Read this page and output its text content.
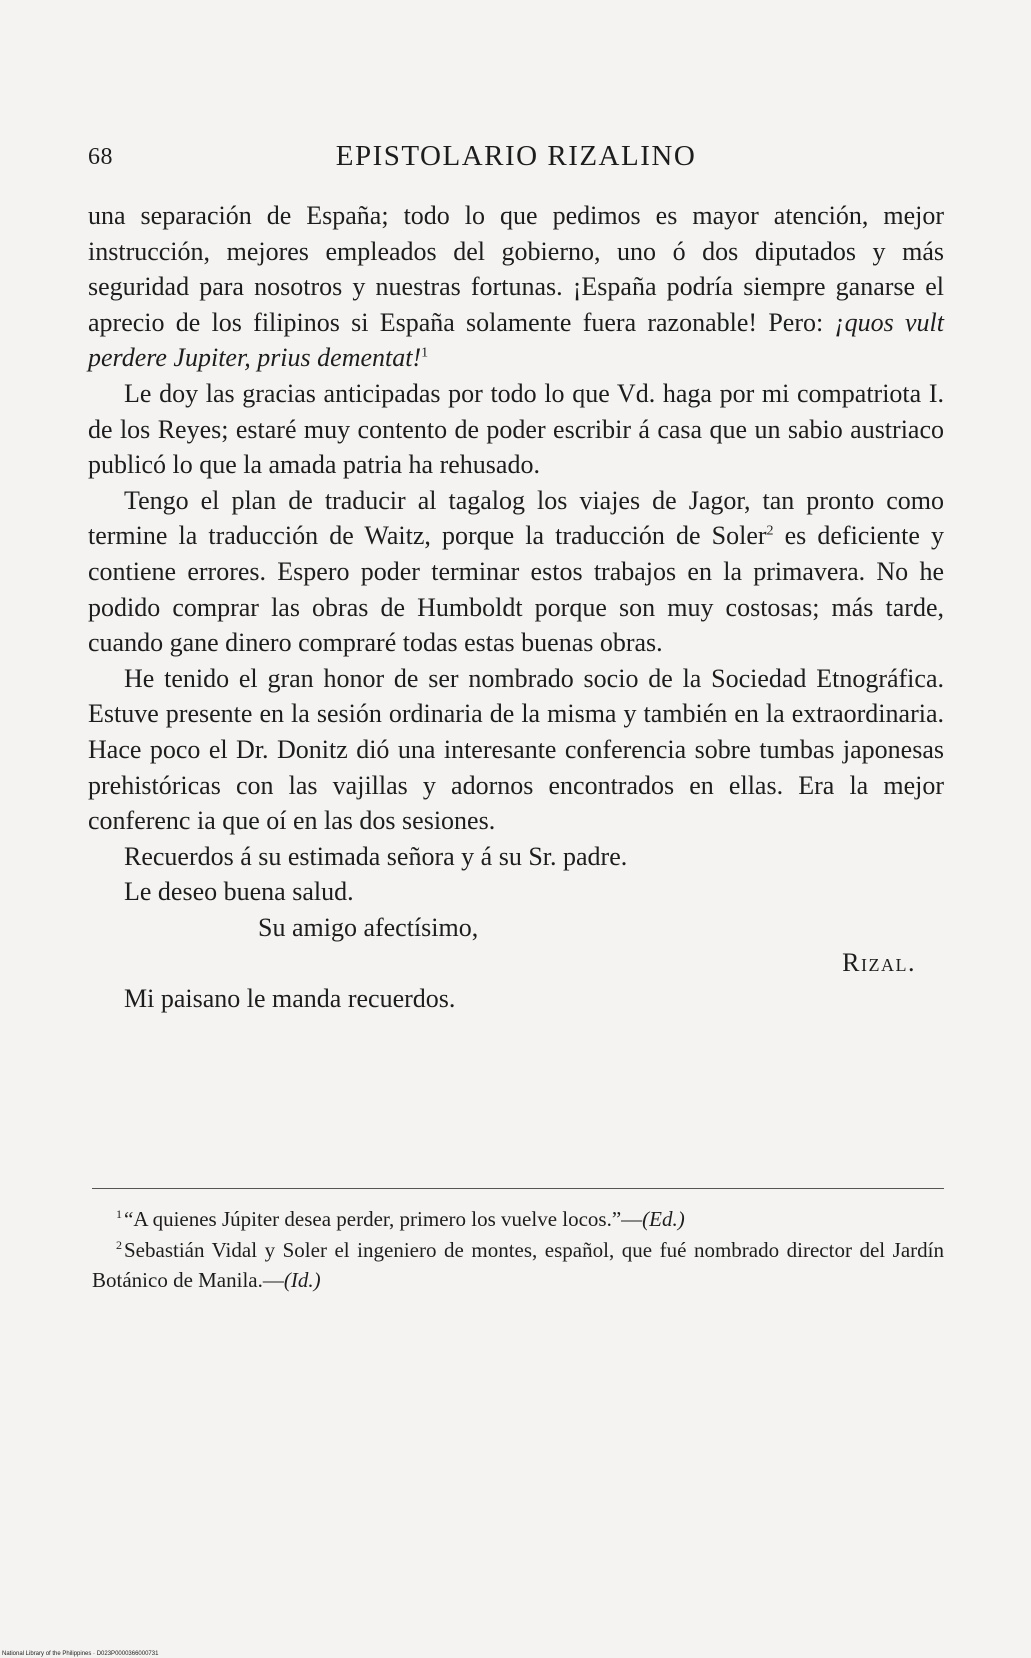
68	EPISTOLARIO RIZALINO

una separación de España; todo lo que pedimos es mayor atención, mejor instrucción, mejores empleados del gobierno, uno ó dos diputados y más seguridad para nosotros y nuestras fortunas. ¡España podría siempre ganarse el aprecio de los filipinos si España solamente fuera razonable! Pero: ¡quos vult perdere Jupiter, prius dementat!$^1$

Le doy las gracias anticipadas por todo lo que Vd. haga por mi compatriota I. de los Reyes; estaré muy contento de poder escribir á casa que un sabio austriaco publicó lo que la amada patria ha rehusado.

Tengo el plan de traducir al tagalog los viajes de Jagor, tan pronto como termine la traducción de Waitz, porque la traducción de Soler$^2$ es deficiente y contiene errores. Espero poder terminar estos trabajos en la primavera. No he podido comprar las obras de Humboldt porque son muy costosas; más tarde, cuando gane dinero compraré todas estas buenas obras.

He tenido el gran honor de ser nombrado socio de la Sociedad Etnográfica. Estuve presente en la sesión ordinaria de la misma y también en la extraordinaria. Hace poco el Dr. Donitz dió una interesante conferencia sobre tumbas japonesas prehistóricas con las vajillas y adornos encontrados en ellas. Era la mejor conferenc ia que oí en las dos sesiones.

Recuerdos á su estimada señora y á su Sr. padre.

Le deseo buena salud.

Su amigo afectísimo,

Rizal.

Mi paisano le manda recuerdos.

$^1$“A quienes Júpiter desea perder, primero los vuelve locos.”—(Ed.)

$^2$Sebastián Vidal y Soler el ingeniero de montes, español, que fué nombrado director del Jardín Botánico de Manila.—(Id.)

National Library of the Philippines · D023P0000366000731
